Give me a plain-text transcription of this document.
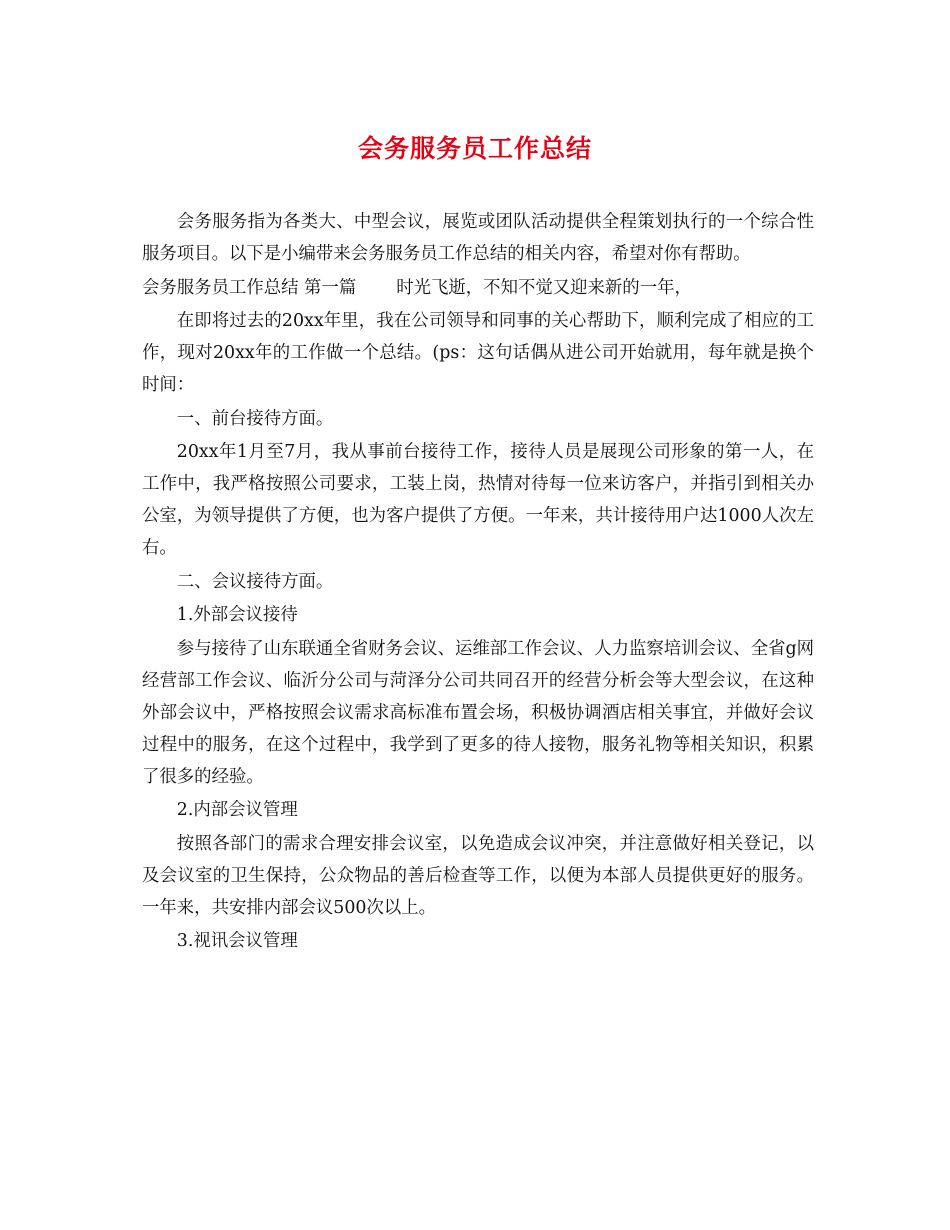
会务服务员工作总结

会务服务指为各类大、中型会议，展览或团队活动提供全程策划执行的一个综合性服务项目。以下是小编带来会务服务员工作总结的相关内容，希望对你有帮助。

会务服务员工作总结 第一篇 时光飞逝，不知不觉又迎来新的一年，

在即将过去的20xx年里，我在公司领导和同事的关心帮助下，顺利完成了相应的工作，现对20xx年的工作做一个总结。(ps：这句话偶从进公司开始就用，每年就是换个时间：

一、前台接待方面。

20xx年1月至7月，我从事前台接待工作，接待人员是展现公司形象的第一人，在工作中，我严格按照公司要求，工装上岗，热情对待每一位来访客户，并指引到相关办公室，为领导提供了方便，也为客户提供了方便。一年来，共计接待用户达1000人次左右。

二、会议接待方面。

1.外部会议接待

参与接待了山东联通全省财务会议、运维部工作会议、人力监察培训会议、全省g网经营部工作会议、临沂分公司与菏泽分公司共同召开的经营分析会等大型会议，在这种外部会议中，严格按照会议需求高标准布置会场，积极协调酒店相关事宜，并做好会议过程中的服务，在这个过程中，我学到了更多的待人接物，服务礼物等相关知识，积累了很多的经验。

2.内部会议管理

按照各部门的需求合理安排会议室，以免造成会议冲突，并注意做好相关登记，以及会议室的卫生保持，公众物品的善后检查等工作，以便为本部人员提供更好的服务。一年来，共安排内部会议500次以上。

3.视讯会议管理
